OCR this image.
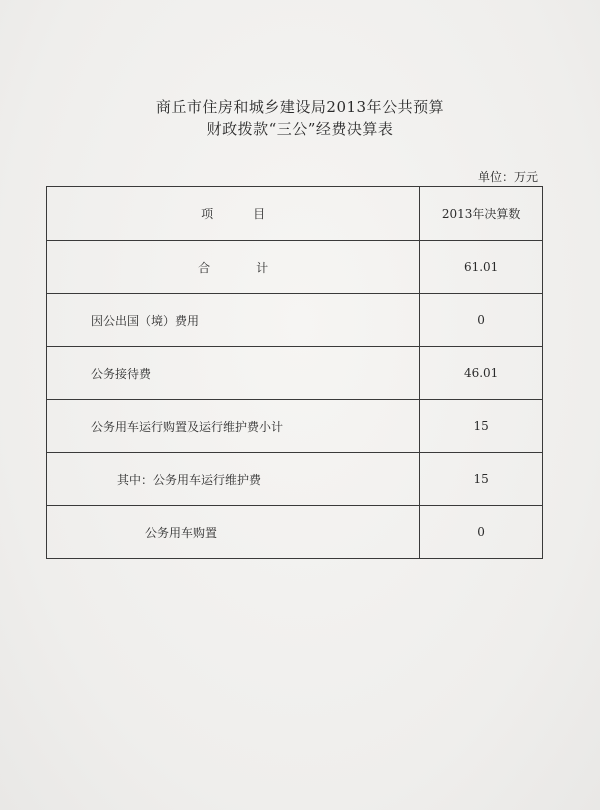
商丘市住房和城乡建设局2013年公共预算
财政拨款“三公”经费决算表
单位：万元
项目	2013年决算数
合 计	61.01
因公出国（境）费用	0
公务接待费	46.01
公务用车运行购置及运行维护费小计	15
其中：公务用车运行维护费	15
公务用车购置	0
